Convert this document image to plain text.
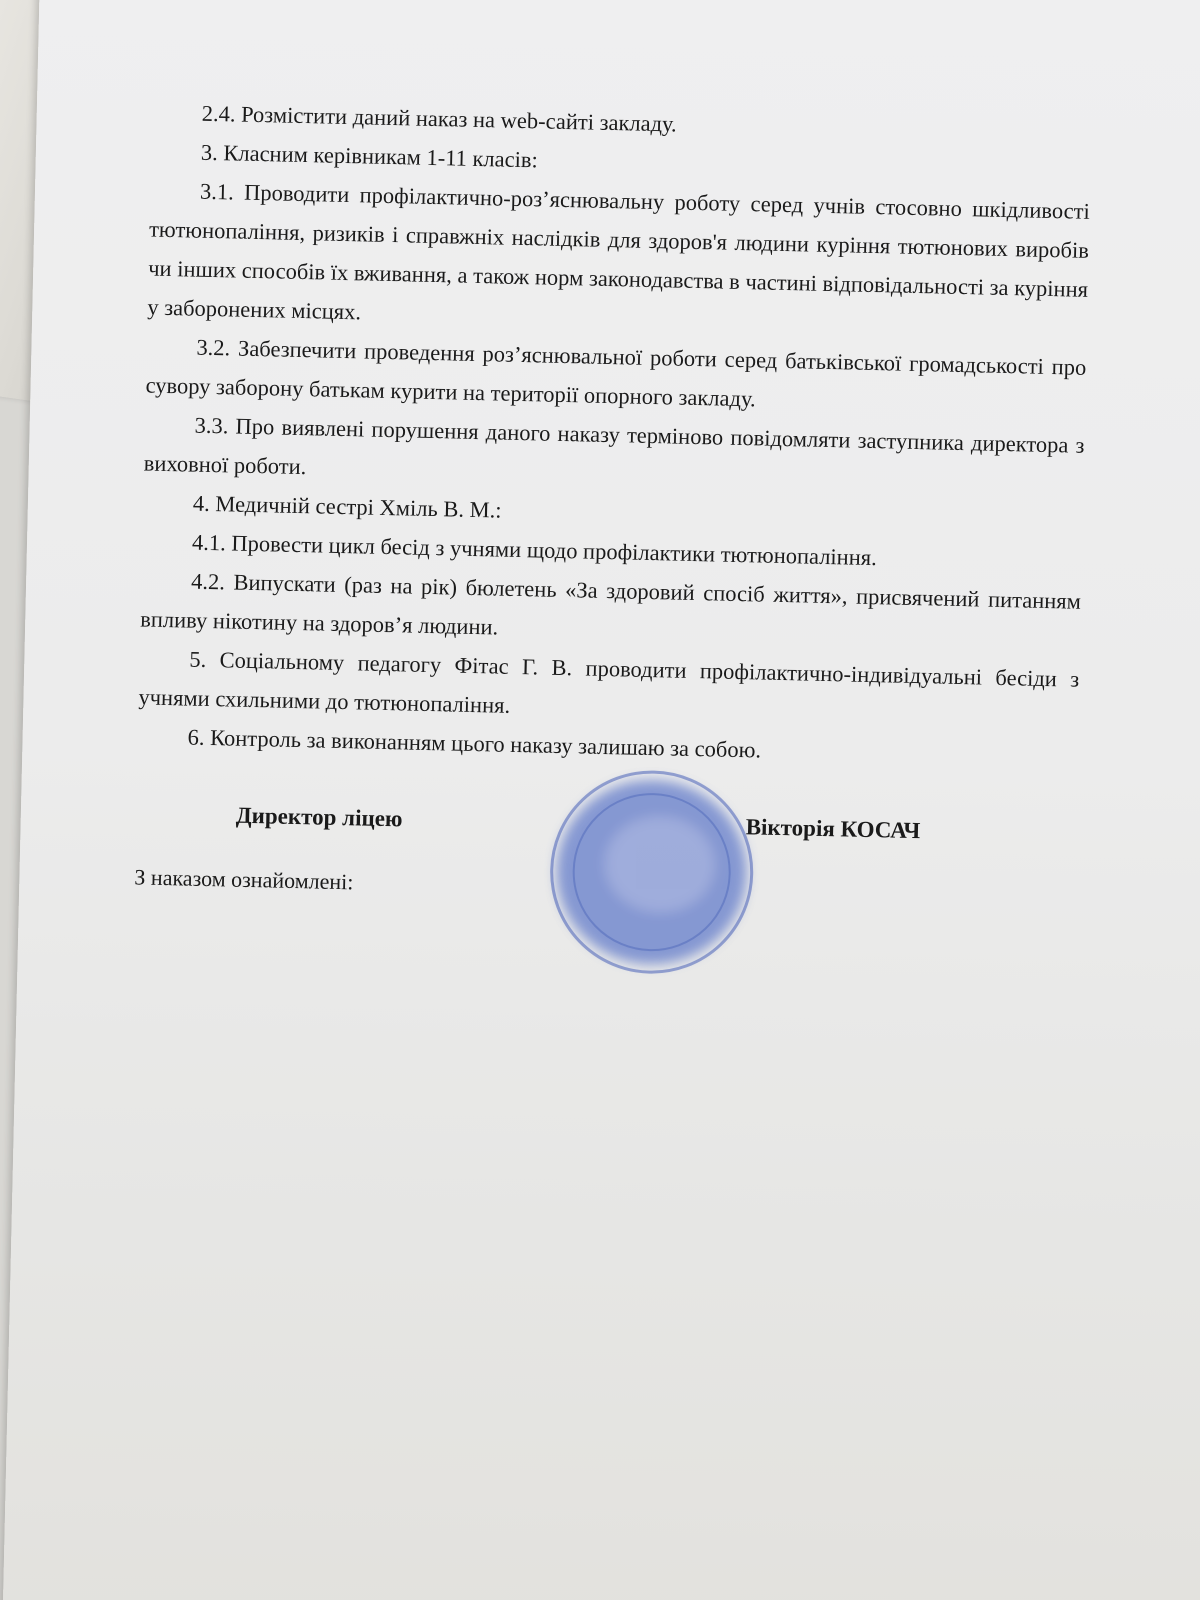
2.4. Розмістити даний наказ на web-сайті закладу.

3. Класним керівникам 1-11 класів:

3.1. Проводити профілактично-роз’яснювальну роботу серед учнів стосовно шкідливості тютюнопаління, ризиків і справжніх наслідків для здоров'я людини куріння тютюнових виробів чи інших способів їх вживання, а також норм законодавства в частині відповідальності за куріння у заборонених місцях.

3.2. Забезпечити проведення роз’яснювальної роботи серед батьківської громадськості про сувору заборону батькам курити на території опорного закладу.

3.3. Про виявлені порушення даного наказу терміново повідомляти заступника директора з виховної роботи.

4. Медичній сестрі Хміль В. М.:

4.1. Провести цикл бесід з учнями щодо профілактики тютюнопаління.

4.2. Випускати (раз на рік) бюлетень «За здоровий спосіб життя», присвячений питанням впливу нікотину на здоров’я людини.

5. Соціальному педагогу Фітас Г. В. проводити профілактично-індивідуальні бесіди з учнями схильними до тютюнопаління.

6. Контроль за виконанням цього наказу залишаю за собою.

Директор ліцею	Вікторія КОСАЧ
З наказом ознайомлені:
